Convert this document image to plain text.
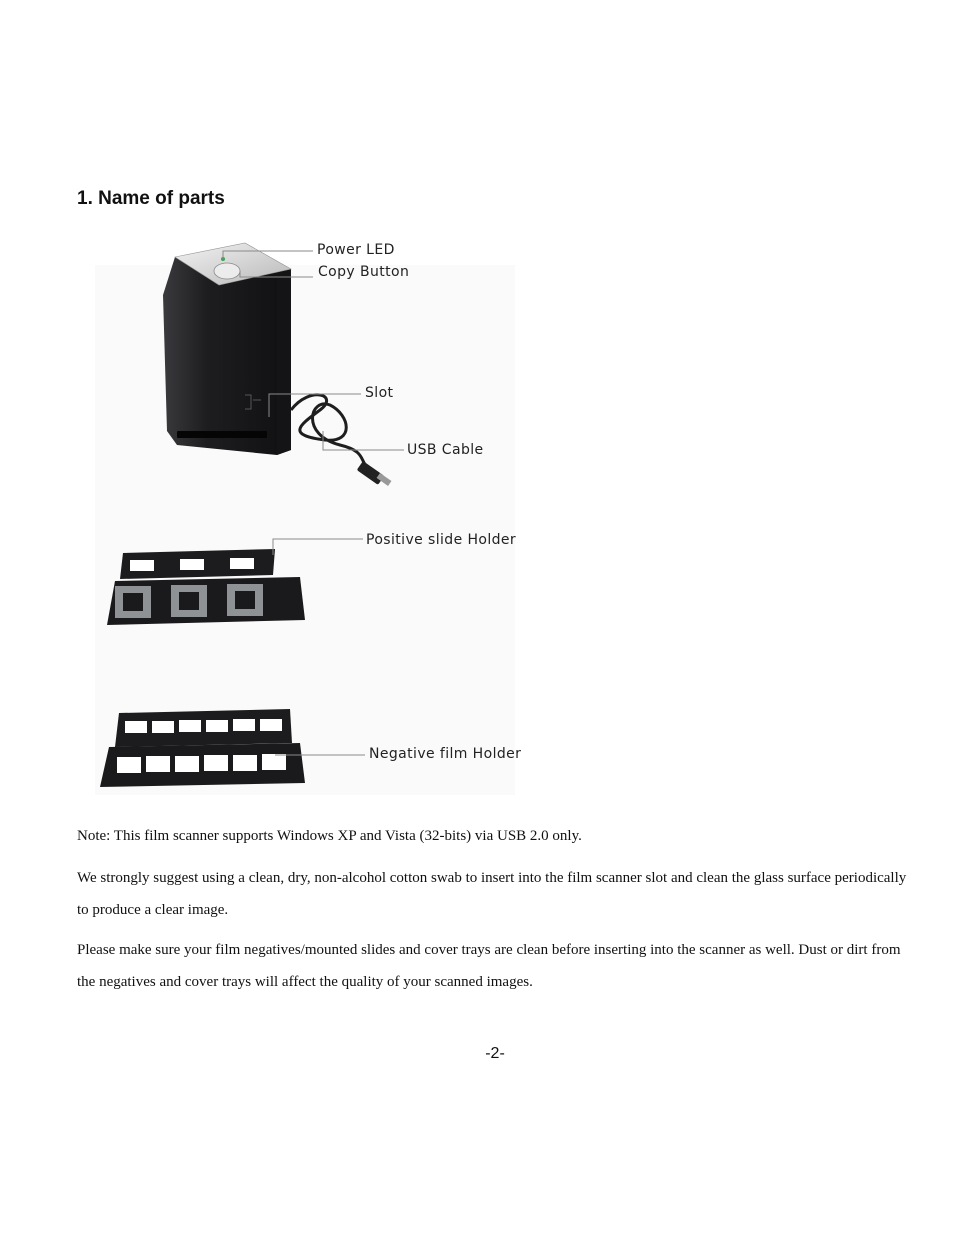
1. Name of parts
Power LED
Copy Button
Slot
USB Cable
Positive slide Holder
Negative film Holder

Note: This film scanner supports Windows XP and Vista (32-bits) via USB 2.0 only.

We strongly suggest using a clean, dry, non-alcohol cotton swab to insert into the film scanner slot and clean the glass surface periodically to produce a clear image.

Please make sure your film negatives/mounted slides and cover trays are clean before inserting into the scanner as well. Dust or dirt from the negatives and cover trays will affect the quality of your scanned images.

-2-
